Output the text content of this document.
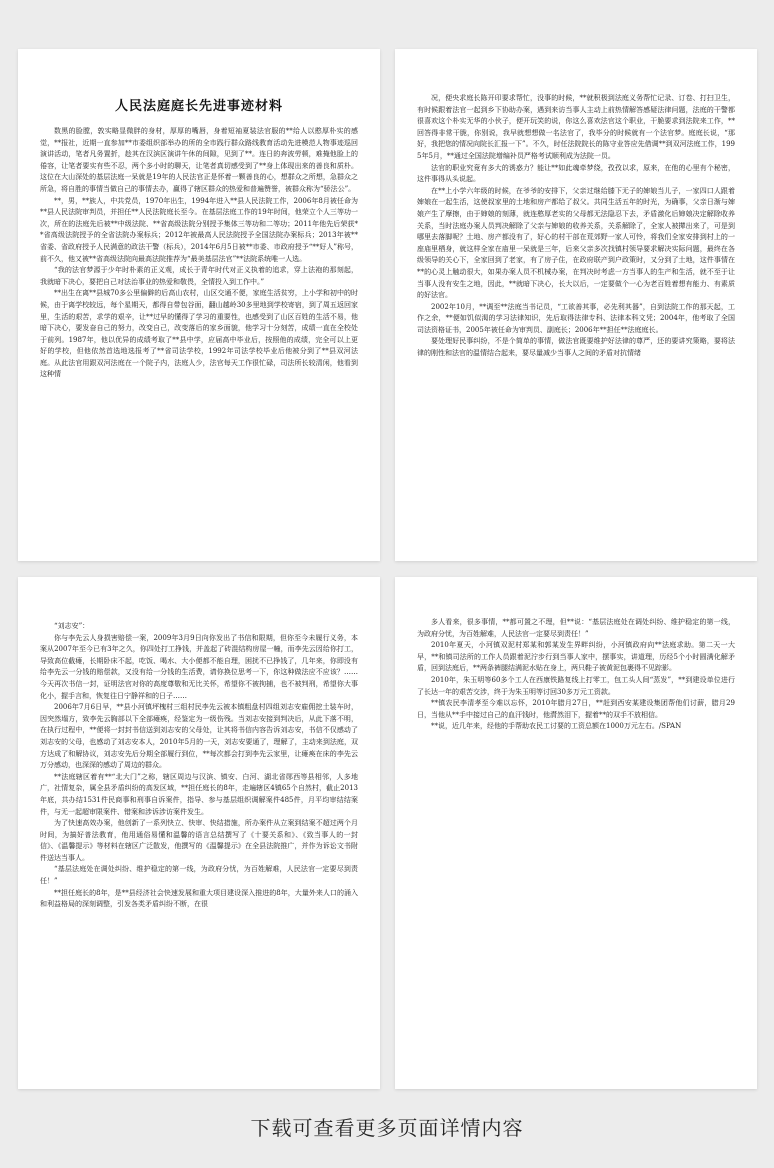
人民法庭庭长先进事迹材料

数黑的脸膛，敦实略显微胖的身材，厚厚的嘴唇，身着短袖夏装法官服的**给人以憨厚朴实的感觉，**报社，近期一直参加**市委组织部举办的所的全市践行群众路线教育活动先进模范人物事迹巡回演讲活动，笔者凡务置折，趁其在汉滨区演讲午休的间隙，见到了**。连日的奔波劳顿，难掩他脸上的倦容，让笔者要实有些不忍，两个多小时的聊天，让笔者真切感受到了**身上体现出来的善良和质朴。这位在大山深处的基层法庭一呆就是19年的人民法官正是怀着一颗善良的心，想群众之所想，急群众之所急，将自胜的事情当做自己的事情去办，赢得了辖区群众的热爱和普遍赞誉，被群众称为“骄法公”。

**，男，**族人，中共党员，1970年出生，1994年进入**县人民法院工作，2006年8月被任命为**县人民法院审判员，并担任**人民法院庭长至今。在基层法庭工作的19年时间，他荣立个人三等功一次，所在的法庭先后被**中级法院、**省高级法院分别授予集体三等功和二等功；2011年他先后荣获**省高级法院授予的全省法院办案标兵；2012年被最高人民法院授予全国法院办案标兵；2013年被**省委、省政府授予人民满意的政法干警（标兵），2014年6月5日被**市委、市政府授予“**好人”称号，前不久，他又被**省高级法院向最高法院推荐为“最美基层法官”**法院系统唯一人选。

“我的法官梦源于少年时朴素的正义观，成长于青年时代对正义执着的追求，穿上法袍的那刻起，我就暗下决心，要把自己对法治事业的热爱和敬畏，全情投入到工作中。”

**出生在离**县城70多公里偏僻的后高山农村，山区交通不便，家庭生活贫穷，上小学和初中的时候，由于离学校较远，每个星期天，都得自带包谷面，翻山越岭30多里地到学校寄宿，到了周五返回家里，生活的艰苦，求学的艰辛，让**过早的懂得了学习的重要性，也感受到了山区百姓的生活不易，他暗下决心，要发奋自己的努力，改变自己，改变落后的家乡面貌，他学习十分刻苦，成绩一直在全校处于前列。1987年，他以优异的成绩考取了**县中学，应届高中毕业后，按照他的成绩，完全可以上更好的学校，但他依然首选地选报考了**省司法学校，1992年司法学校毕业后他被分到了**县双河法庭。从此法官用跟双河法庭在一个院子内，法庭人少，法官每天工作很忙碌，司法所长较清闲，他看到这种情

况，便央求庭长陈开印要求帮忙，没事的时候，**就积极到法庭义务帮忙记录、订卷、打扫卫生，有时候跟着法官一起到乡下协助办案，遇到来访当事人主动上前热情解答感疑法律问题，法庭的干警都很喜欢这个朴实无华的小伙子，便开玩笑的说，你这么喜欢法官这个职业，干脆要求到法院来工作，**回答得非常干脆，你别说，我早就想想做一名法官了，我毕分的时候就有一个法官梦。庭庭长说，“那好，我把您的情况向院长汇报一下”。不久，时任法院院长的陈守业答应先借调**到双河法庭工作，1995年5月，**通过全国法院增编补员严格考试顺利成为法院一员。

法官的职业究竟有多大的诱惑力？能让**如此魂牵梦绕，孜孜以求，原来，在他的心里有个秘密，这件事得从头说起。

在**上小学六年级的时候，在爷爷的安排下，父亲过继给膝下无子的婶娘当儿子，一家四口人跟着婶娘在一起生活，这使叔家里的土地和房产都给了叔父。共同生活五年的时光，为确事，父亲日渐与婶娘产生了摩擦，由于婶娘的刻薄，就连憨厚老实的父母都无法隐忍下去，矛盾激化后婶娘决定解除收养关系，当时法庭办案人员判决解除了父亲与婶娘的收养关系，关系解除了，全家人被撵出来了，可是到哪里去落脚呢？土地、房产都没有了，好心的村干部在荒郊野一家人可怜，将我们全家安排到村上的一座庙里栖身，就这样全家在庙里一呆就是三年，后来父亲多次找镇村领导要求解决实际问题，最终在各级领导的关心下，全家回到了老家，有了房子住，在政府联产到户政策时，又分到了土地，这件事情在**的心灵上触动很大，如果办案人员不机械办案，在判决时考虑一方当事人的生产和生活，就不至于让当事人没有安生之地，因此，**就暗下决心，长大以后，一定要做个一心为老百姓着想有能力、有素质的好法官。

2002年10月，**调至**法庭当书记员，“工欲善其事，必先利其器”，自到法院工作的那天起，工作之余，**便如饥似渴的学习法律知识，先后取得法律专科、法律本科文凭；2004年，他考取了全国司法资格证书，2005年被任命为审判员、副庭长；2006年**担任**法庭庭长。

要处理好民事纠纷，不是个简单的事情，做法官既要维护好法律的尊严，还的要讲究策略，要将法律的刚性和法官的温情结合起来，要尽量减少当事人之间的矛盾对抗情绪

“刘志安”：

你与李先云人身损害赔偿一案，2009年3月9日向你发出了书信和限期，但你至今未履行义务，本案从2007年至今已有3年之久，你四处打工挣钱，并盖起了砖混结构房屋一幢，而李先云因给你打工，导致高位截瘫，长期卧床不起，吃饭、喝水、大小便都不能自理，困扰不已挣钱了，几年来，你即没有给李先云一分钱的赔偿款，又没有给一分钱的生活费，请你换位思考一下，你这种做法应不应该？……今天再次书信一封，证明法官对你的高度尊敬和无比关怀，希望你不被拘捕，也不被判刑，希望你大事化小，握手言和，恢复往日宁静祥和的日子……

2006年7月6日早，**县小河镇坪槐村三组村民李先云被本镇粗盘村四组刘志安雇佣挖土装车时，因突然塌方，致李先云胸部以下全部瘫痪，经鉴定为一级伤残。当刘志安接到判决后，从此下落不明，在执行过程中，**便将一封封书信送到刘志安的父母处，让其将书信内容告诉刘志安，书信不仅感动了刘志安的父母，也感动了刘志安本人，2010年5月的一天，刘志安要通了，理解了，主动来到法庭，双方达成了和解协议，刘志安先后分期全部履行到位，**每次都会打到李先云家里，让瘫痪在床的李先云万分感动，也深深的感动了周边的群众。

**法庭辖区着有**“北大门”之称，辖区周边与汉滨、镇安、白河、湖北省郧西等县相邻，人多地广，社情复杂，属全县矛盾纠纷的高发区域，**担任庭长的8年，走遍辖区4镇65个自然村，截止2013年底，共办结1531件民商事和刑事自诉案件，指导、参与基层组织调解案件485件，月平均审结结案件，与无一起超审限案件、错案和涉诉涉访案件发生。

为了快速高效办案，他创新了一系列快立、快审、快结措施，所办案件从立案到结案不超过两个月时间，为搞好普法教育，他用通俗易懂和温馨的语言总结撰写了《十要关系和》、《致当事人的一封信》、《温馨提示》等材料在辖区广泛散发，他撰写的《温馨提示》在全县法院推广，并作为诉讼文书附件送达当事人。

“基层法庭处在调处纠纷、维护稳定的第一线，为政府分忧，为百姓解难，人民法官一定要尽到责任！”

**担任庭长的8年，是**县经济社会快速发展和重大项目建设深入推进的8年，大量外来人口的涌入和利益格局的深刻调整，引发各类矛盾纠纷不断，在很

多人看来，很多事情，**都可置之不理，但**说：“基层法庭处在调处纠纷、维护稳定的第一线，为政府分忧，为百姓解难，人民法官一定要尽到责任！”

2010年夏天，小河镇双泥村郑某和郭某发生界畔纠纷，小河镇政府向**法庭求助。第二天一大早，**和镇司法所的工作人员跟着泥泞步行到当事人家中，摆事实，讲道理，历经5个小时圆满化解矛盾，回到法庭后，**两条裤腿结满泥水贴在身上，两只鞋子被黄泥包裹得不见踪影。

2010年，朱玉明等60多个工人在西康铁路复线上打零工，包工头人间“蒸发”，**到建设单位进行了长达一年的艰苦交涉，终于为朱玉明等讨回30多万元工资款。

**镇农民李清孝至今难以忘怀，2010年腊月27日，**赶到西安某建设集团帮他们讨薪，腊月29日，当他从**手中接过自己的血汗钱时，他潸然泪下，握着**的双手不放相信。

**说，近几年来，经他的手帮助农民工讨要的工资总额在1000万元左右。/SPAN

下载可查看更多页面详情内容
